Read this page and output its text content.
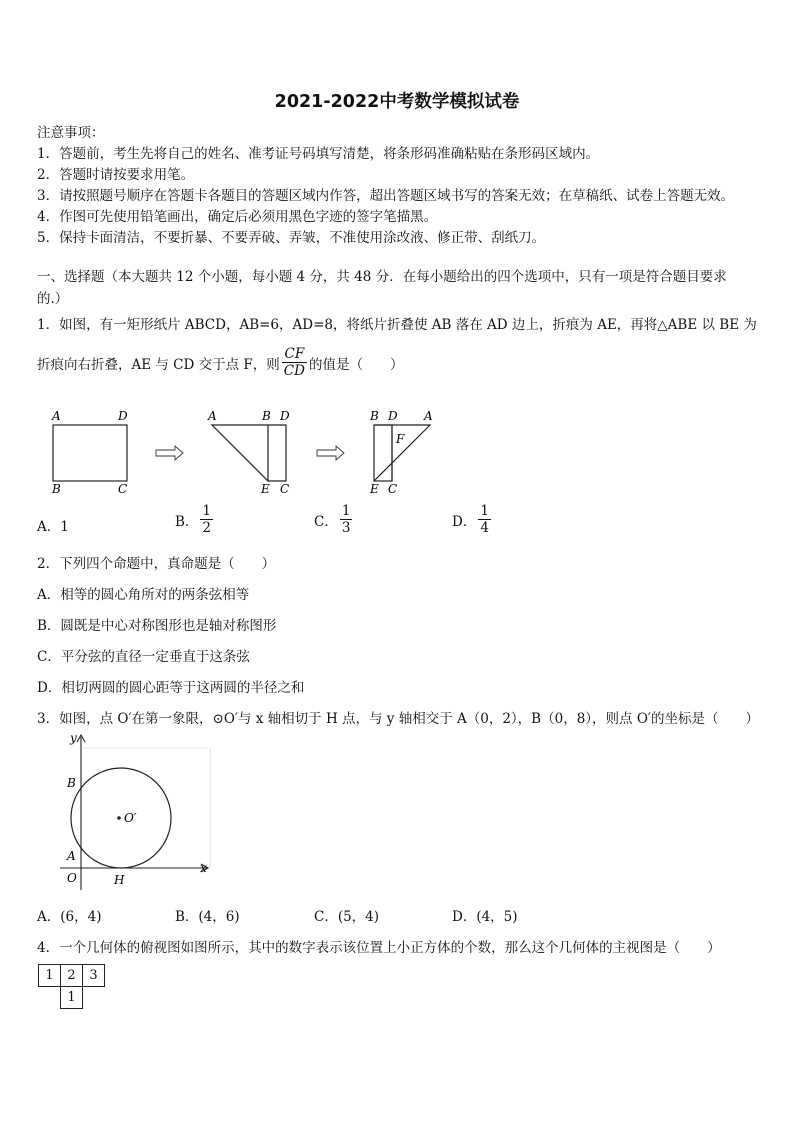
2021-2022中考数学模拟试卷
注意事项：
1．答题前，考生先将自己的姓名、准考证号码填写清楚，将条形码准确粘贴在条形码区域内。
2．答题时请按要求用笔。
3．请按照题号顺序在答题卡各题目的答题区域内作答，超出答题区域书写的答案无效；在草稿纸、试卷上答题无效。
4．作图可先使用铅笔画出，确定后必须用黑色字迹的签字笔描黑。
5．保持卡面清洁，不要折暴、不要弄破、弄皱，不准使用涂改液、修正带、刮纸刀。
一、选择题（本大题共 12 个小题，每小题 4 分，共 48 分．在每小题给出的四个选项中，只有一项是符合题目要求
的.）
1．如图，有一矩形纸片 ABCD，AB=6，AD=8，将纸片折叠使 AB 落在 AD 边上，折痕为 AE，再将△ABE 以 BE 为
折痕向右折叠，AE 与 CD 交于点 F，则 $\frac{CF}{CD}$ 的值是（　　）
A	D
B	C
A	B D
E C
B D A
F
E C
A．1	B． $\frac{1}{2}$	C． $\frac{1}{3}$	D． $\frac{1}{4}$
2．下列四个命题中，真命题是（　　）
A．相等的圆心角所对的两条弦相等
B．圆既是中心对称图形也是轴对称图形
C．平分弦的直径一定垂直于这条弦
D．相切两圆的圆心距等于这两圆的半径之和
3．如图，点 O′在第一象限，⊙O′与 x 轴相切于 H 点，与 y 轴相交于 A（0，2），B（0，8），则点 O′的坐标是（　　）
y
x
B
A
O	H
O′
A．(6，4)	B．(4，6)	C．(5，4)	D．(4，5)
4．一个几何体的俯视图如图所示，其中的数字表示该位置上小正方体的个数，那么这个几何体的主视图是（　　）
1	2	3
	1	
